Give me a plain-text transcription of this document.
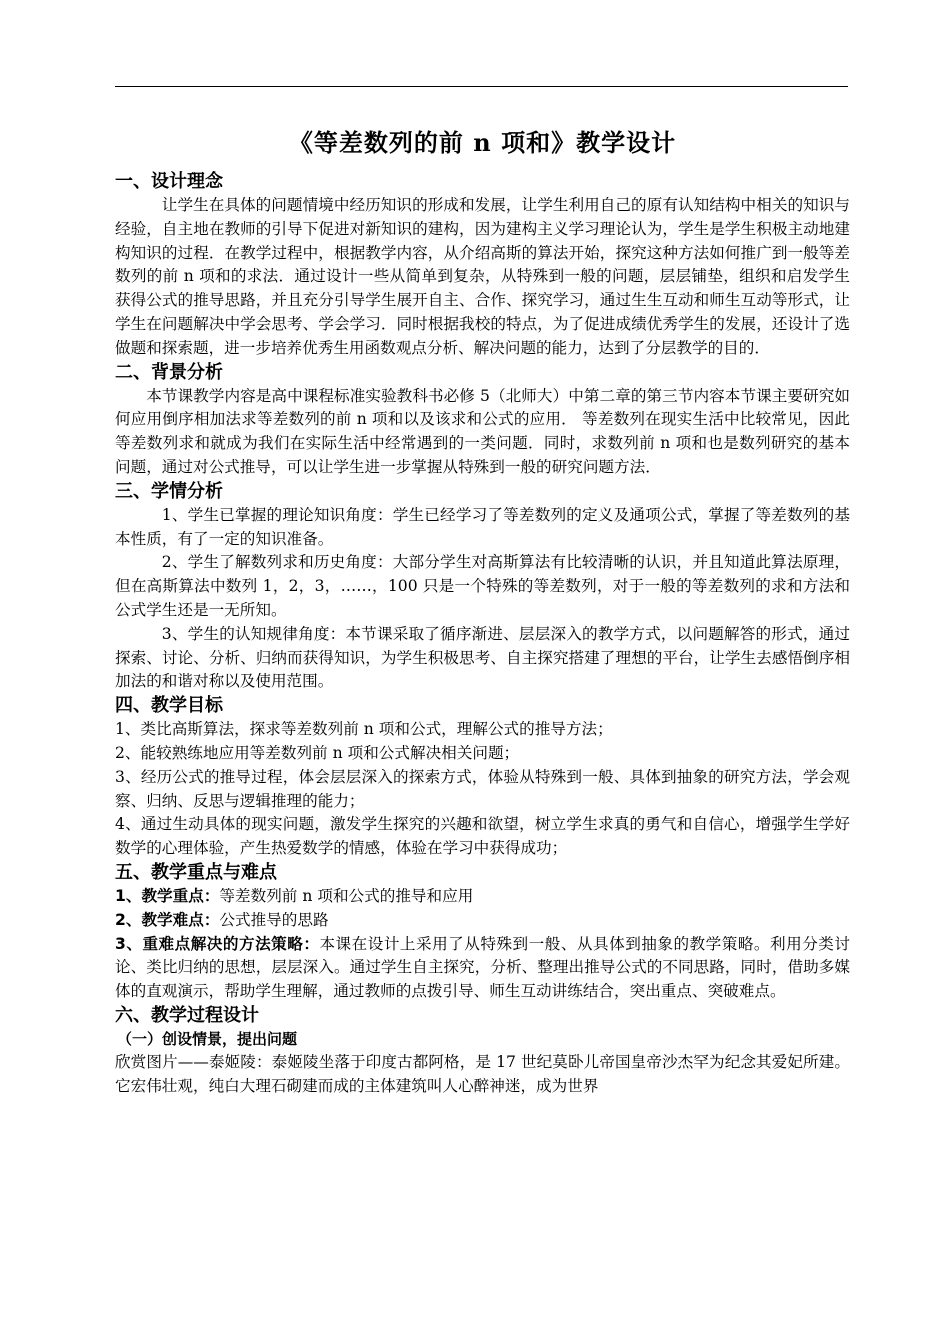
《等差数列的前 n 项和》教学设计
一、设计理念

让学生在具体的问题情境中经历知识的形成和发展，让学生利用自己的原有认知结构中相关的知识与经验，自主地在教师的引导下促进对新知识的建构，因为建构主义学习理论认为，学生是学生积极主动地建构知识的过程．在教学过程中，根据教学内容，从介绍高斯的算法开始，探究这种方法如何推广到一般等差数列的前 n 项和的求法．通过设计一些从简单到复杂，从特殊到一般的问题，层层铺垫，组织和启发学生获得公式的推导思路，并且充分引导学生展开自主、合作、探究学习，通过生生互动和师生互动等形式，让学生在问题解决中学会思考、学会学习．同时根据我校的特点，为了促进成绩优秀学生的发展，还设计了选做题和探索题，进一步培养优秀生用函数观点分析、解决问题的能力，达到了分层教学的目的．

二、背景分析

本节课教学内容是高中课程标准实验教科书必修 5（北师大）中第二章的第三节内容本节课主要研究如何应用倒序相加法求等差数列的前 n 项和以及该求和公式的应用． 等差数列在现实生活中比较常见，因此等差数列求和就成为我们在实际生活中经常遇到的一类问题．同时，求数列前 n 项和也是数列研究的基本问题，通过对公式推导，可以让学生进一步掌握从特殊到一般的研究问题方法．

三、学情分析

1、学生已掌握的理论知识角度：学生已经学习了等差数列的定义及通项公式，掌握了等差数列的基本性质，有了一定的知识准备。

2、学生了解数列求和历史角度：大部分学生对高斯算法有比较清晰的认识，并且知道此算法原理，但在高斯算法中数列 1，2，3，……，100 只是一个特殊的等差数列，对于一般的等差数列的求和方法和公式学生还是一无所知。

3、学生的认知规律角度：本节课采取了循序渐进、层层深入的教学方式，以问题解答的形式，通过探索、讨论、分析、归纳而获得知识，为学生积极思考、自主探究搭建了理想的平台，让学生去感悟倒序相加法的和谐对称以及使用范围。

四、教学目标

1、类比高斯算法，探求等差数列前 n 项和公式，理解公式的推导方法；

2、能较熟练地应用等差数列前 n 项和公式解决相关问题；

3、经历公式的推导过程，体会层层深入的探索方式，体验从特殊到一般、具体到抽象的研究方法，学会观察、归纳、反思与逻辑推理的能力；

4、通过生动具体的现实问题，激发学生探究的兴趣和欲望，树立学生求真的勇气和自信心，增强学生学好数学的心理体验，产生热爱数学的情感，体验在学习中获得成功；

五、教学重点与难点

1、教学重点：等差数列前 n 项和公式的推导和应用

2、教学难点：公式推导的思路

3、重难点解决的方法策略：本课在设计上采用了从特殊到一般、从具体到抽象的教学策略。利用分类讨论、类比归纳的思想，层层深入。通过学生自主探究，分析、整理出推导公式的不同思路，同时，借助多媒体的直观演示，帮助学生理解，通过教师的点拨引导、师生互动讲练结合，突出重点、突破难点。

六、教学过程设计
（一）创设情景，提出问题

欣赏图片——泰姬陵：泰姬陵坐落于印度古都阿格，是 17 世纪莫卧儿帝国皇帝沙杰罕为纪念其爱妃所建。它宏伟壮观，纯白大理石砌建而成的主体建筑叫人心醉神迷，成为世界
